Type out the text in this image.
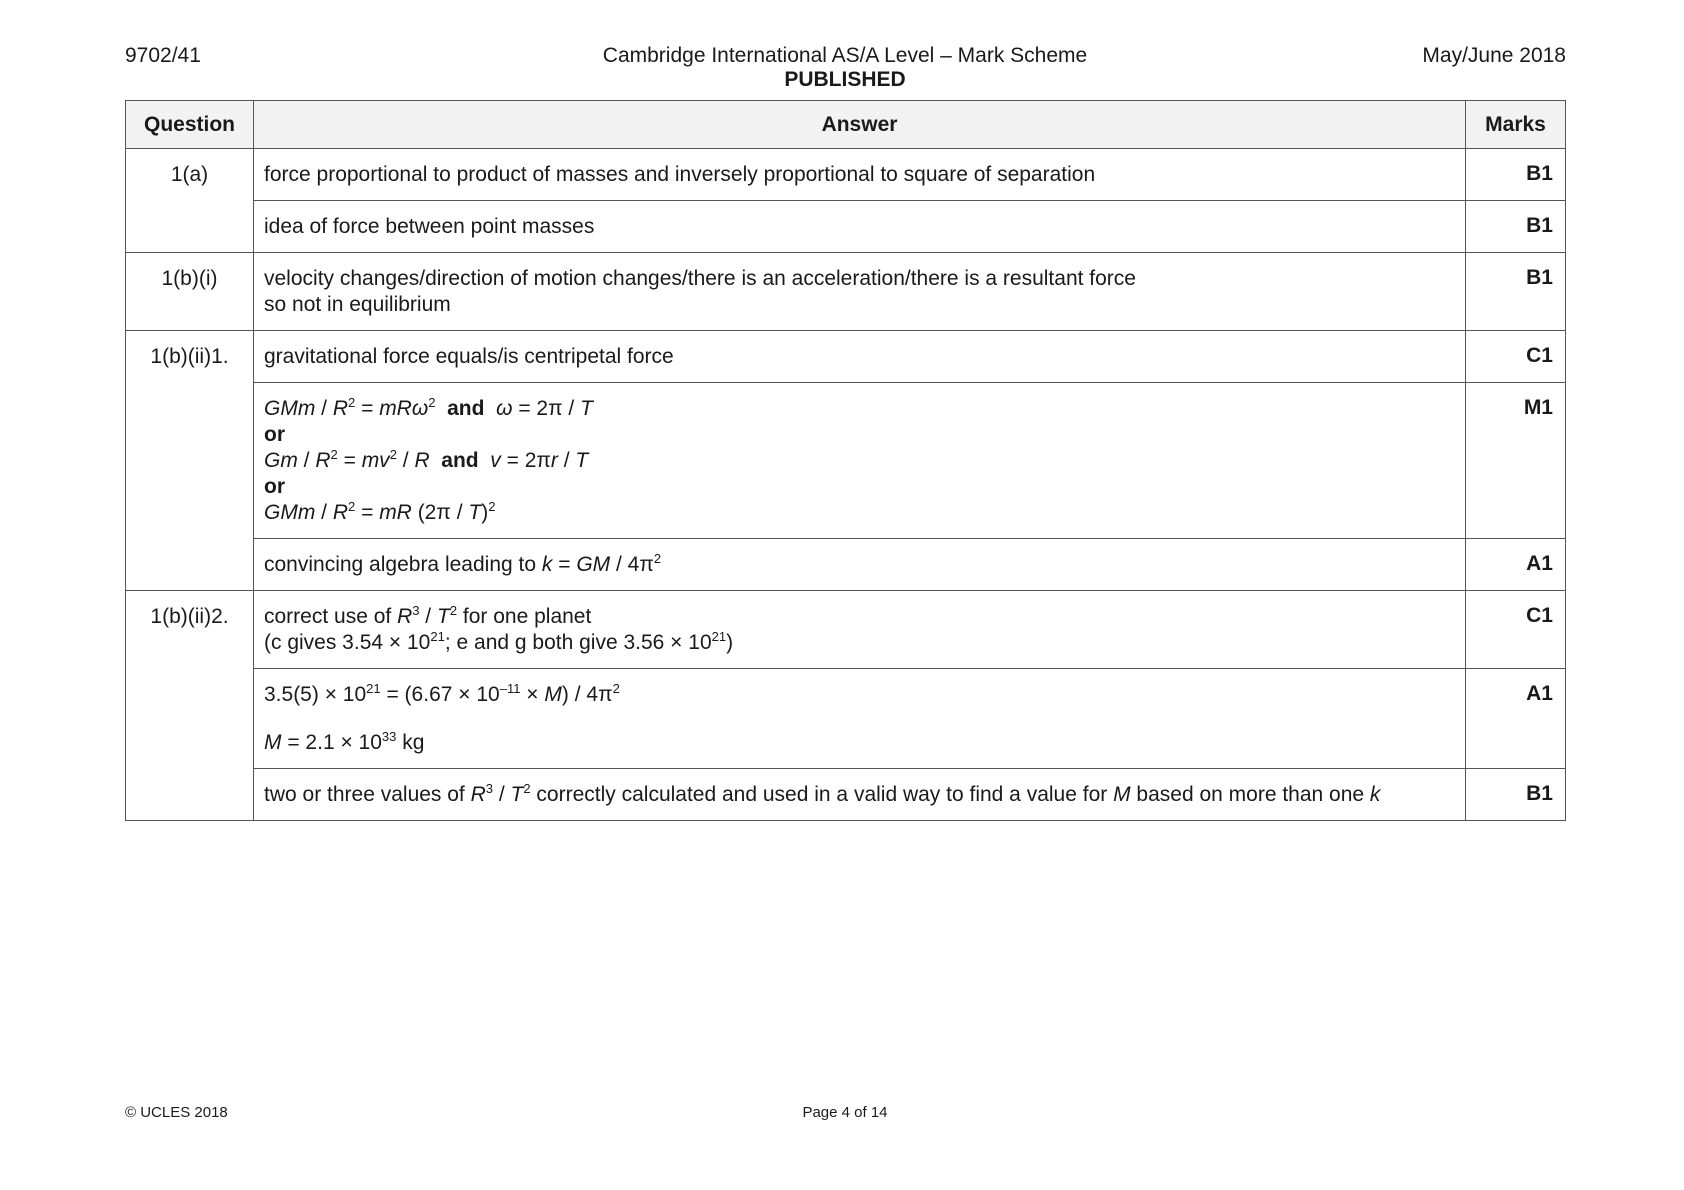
9702/41	Cambridge International AS/A Level – Mark Scheme
PUBLISHED
May/June 2018
Question	Answer	Marks
1(a)	force proportional to product of masses and inversely proportional to square of separation	B1
	idea of force between point masses	B1
1(b)(i)	velocity changes/direction of motion changes/there is an acceleration/there is a resultant force
so not in equilibrium	B1
1(b)(ii)1.	gravitational force equals/is centripetal force	C1

	GMm / $R^2 = mR\omega^2$ and ω = 2π / T
or
$Gm / R^2 = mv^2 / R$ and v = 2πr / T
or
GMm / $R^2$ = mR (2π / T)$^2$	M1
	convincing algebra leading to k = GM / $4\pi^2$	A1
1(b)(ii)2.	correct use of $R^3 / T^2$ for one planet
(c gives $3.54 \times 10^{21}$; e and g both give $3.56 \times 10^{21}$)	C1

	$3.5(5) \times 10^{21} = (6.67 \times 10^{-11} \times M) / 4\pi^2$
$M = 2.1 \times 10^{33}$ kg	A1
	two or three values of $R^3 / T^2$ correctly calculated and used in a valid way to find a value for M based on more than one k	B1
© UCLES 2018	Page 4 of 14
